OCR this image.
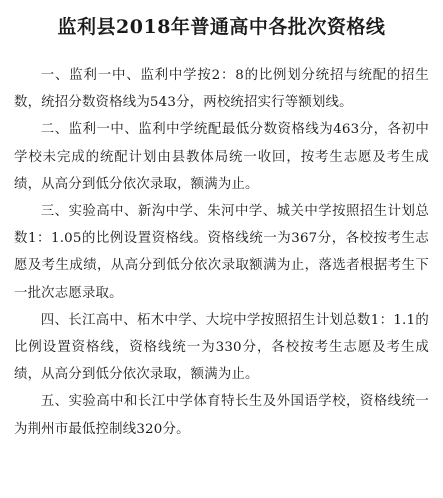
监利县2018年普通高中各批次资格线

一、监利一中、监利中学按2：8的比例划分统招与统配的招生数，统招分数资格线为543分，两校统招实行等额划线。

二、监利一中、监利中学统配最低分数资格线为463分，各初中学校未完成的统配计划由县教体局统一收回，按考生志愿及考生成绩，从高分到低分依次录取，额满为止。

三、实验高中、新沟中学、朱河中学、城关中学按照招生计划总数1：1.05的比例设置资格线。资格线统一为367分，各校按考生志愿及考生成绩，从高分到低分依次录取额满为止，落选者根据考生下一批次志愿录取。

四、长江高中、柘木中学、大垸中学按照招生计划总数1：1.1的比例设置资格线，资格线统一为330分，各校按考生志愿及考生成绩，从高分到低分依次录取，额满为止。

五、实验高中和长江中学体育特长生及外国语学校，资格线统一为荆州市最低控制线320分。
